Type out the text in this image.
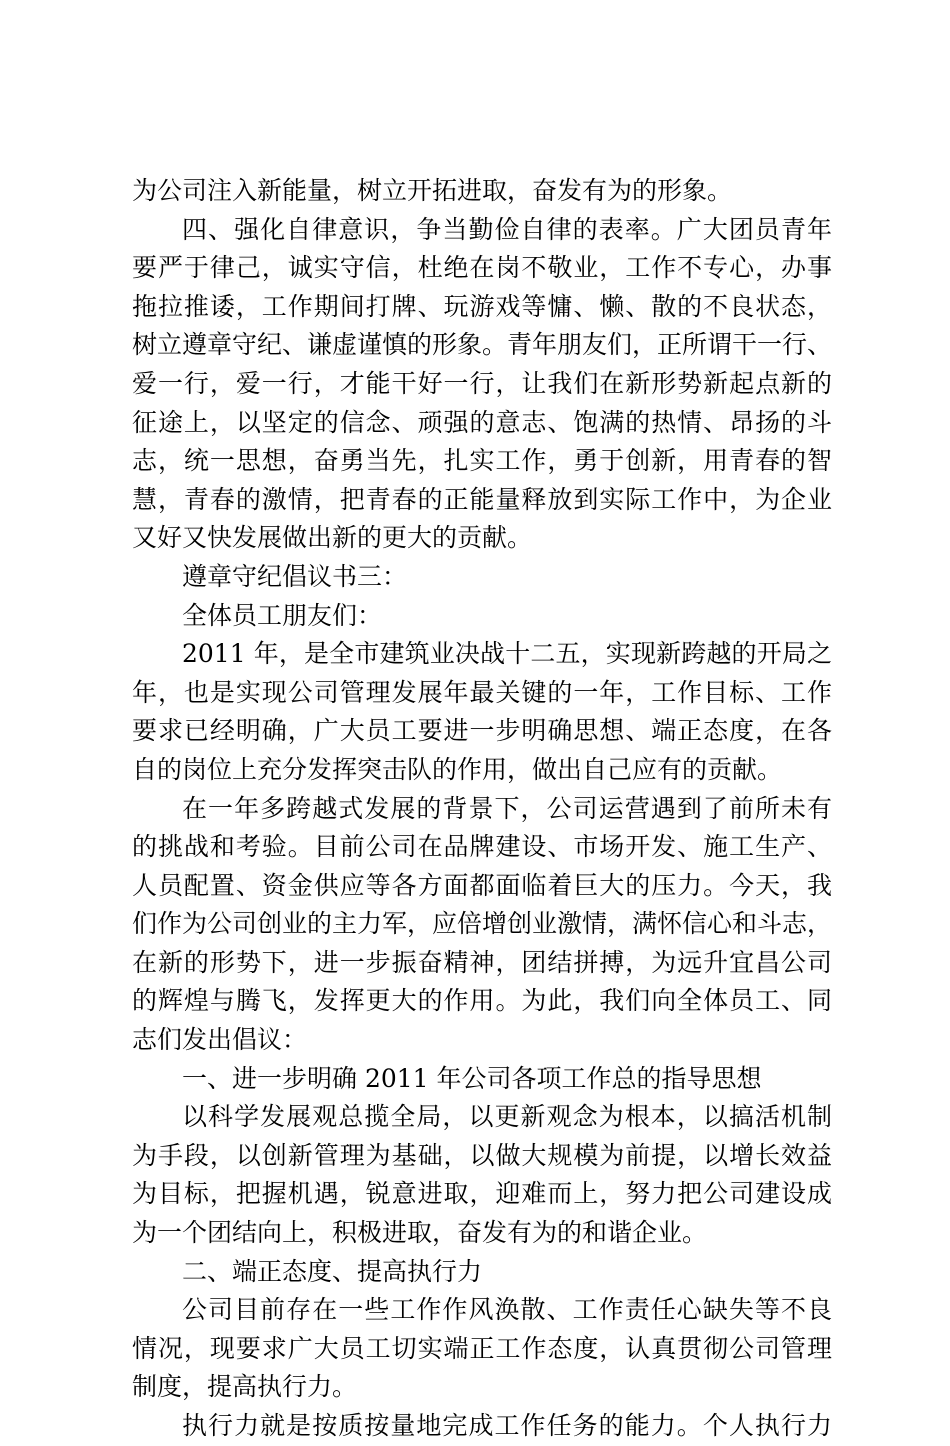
为公司注入新能量，树立开拓进取，奋发有为的形象。
四、强化自律意识，争当勤俭自律的表率。广大团员青年
要严于律己，诚实守信，杜绝在岗不敬业，工作不专心，办事
拖拉推诿，工作期间打牌、玩游戏等慵、懒、散的不良状态，
树立遵章守纪、谦虚谨慎的形象。青年朋友们，正所谓干一行、
爱一行，爱一行，才能干好一行，让我们在新形势新起点新的
征途上，以坚定的信念、顽强的意志、饱满的热情、昂扬的斗
志，统一思想，奋勇当先，扎实工作，勇于创新，用青春的智
慧，青春的激情，把青春的正能量释放到实际工作中，为企业
又好又快发展做出新的更大的贡献。
遵章守纪倡议书三：
全体员工朋友们：
2011 年，是全市建筑业决战十二五，实现新跨越的开局之
年，也是实现公司管理发展年最关键的一年，工作目标、工作
要求已经明确，广大员工要进一步明确思想、端正态度，在各
自的岗位上充分发挥突击队的作用，做出自己应有的贡献。
在一年多跨越式发展的背景下，公司运营遇到了前所未有
的挑战和考验。目前公司在品牌建设、市场开发、施工生产、
人员配置、资金供应等各方面都面临着巨大的压力。今天，我
们作为公司创业的主力军，应倍增创业激情，满怀信心和斗志，
在新的形势下，进一步振奋精神，团结拼搏，为远升宜昌公司
的辉煌与腾飞，发挥更大的作用。为此，我们向全体员工、同
志们发出倡议：
一、进一步明确 2011 年公司各项工作总的指导思想
以科学发展观总揽全局，以更新观念为根本，以搞活机制
为手段，以创新管理为基础，以做大规模为前提，以增长效益
为目标，把握机遇，锐意进取，迎难而上，努力把公司建设成
为一个团结向上，积极进取，奋发有为的和谐企业。
二、端正态度、提高执行力
公司目前存在一些工作作风涣散、工作责任心缺失等不良
情况，现要求广大员工切实端正工作态度，认真贯彻公司管理
制度，提高执行力。
执行力就是按质按量地完成工作任务的能力。个人执行力
